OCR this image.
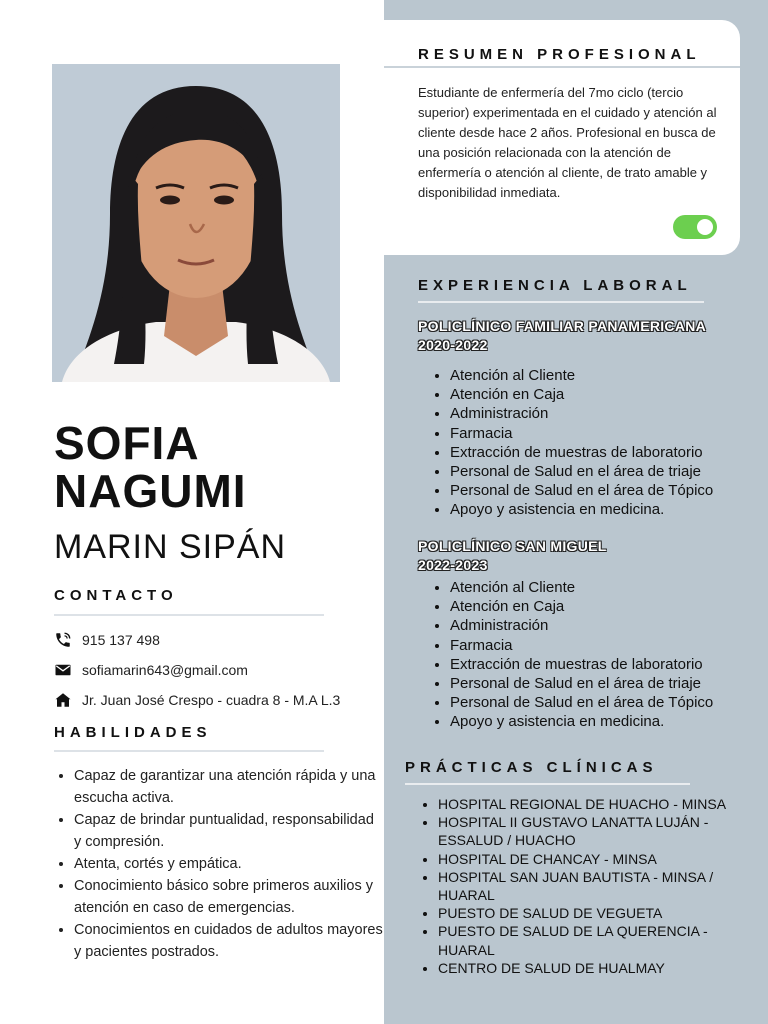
SOFIA
NAGUMI
MARIN SIPÁN
CONTACTO
915 137 498
sofiamarin643@gmail.com
Jr. Juan José Crespo - cuadra 8 - M.A L.3
HABILIDADES
• Capaz de garantizar una atención rápida y una escucha activa.
• Capaz de brindar puntualidad, responsabilidad y compresión.
• Atenta, cortés y empática.
• Conocimiento básico sobre primeros auxilios y atención en caso de emergencias.
• Conocimientos en cuidados de adultos mayores y pacientes postrados.
RESUMEN PROFESIONAL
Estudiante de enfermería del 7mo ciclo (tercio superior) experimentada en el cuidado y atención al cliente desde hace 2 años. Profesional en busca de una posición relacionada con la atención de enfermería o atención al cliente, de trato amable y disponibilidad inmediata.
EXPERIENCIA LABORAL
POLICLÍNICO FAMILIAR PANAMERICANA
2020-2022
• Atención al Cliente
• Atención en Caja
• Administración
• Farmacia
• Extracción de muestras de laboratorio
• Personal de Salud en el área de triaje
• Personal de Salud en el área de Tópico
• Apoyo y asistencia en medicina.
POLICLÍNICO SAN MIGUEL
2022-2023
• Atención al Cliente
• Atención en Caja
• Administración
• Farmacia
• Extracción de muestras de laboratorio
• Personal de Salud en el área de triaje
• Personal de Salud en el área de Tópico
• Apoyo y asistencia en medicina.
PRÁCTICAS CLÍNICAS
• HOSPITAL REGIONAL DE HUACHO - MINSA
• HOSPITAL II GUSTAVO LANATTA LUJÁN - ESSALUD / HUACHO
• HOSPITAL DE CHANCAY - MINSA
• HOSPITAL SAN JUAN BAUTISTA - MINSA / HUARAL
• PUESTO DE SALUD DE VEGUETA
• PUESTO DE SALUD DE LA QUERENCIA - HUARAL
• CENTRO DE SALUD DE HUALMAY
